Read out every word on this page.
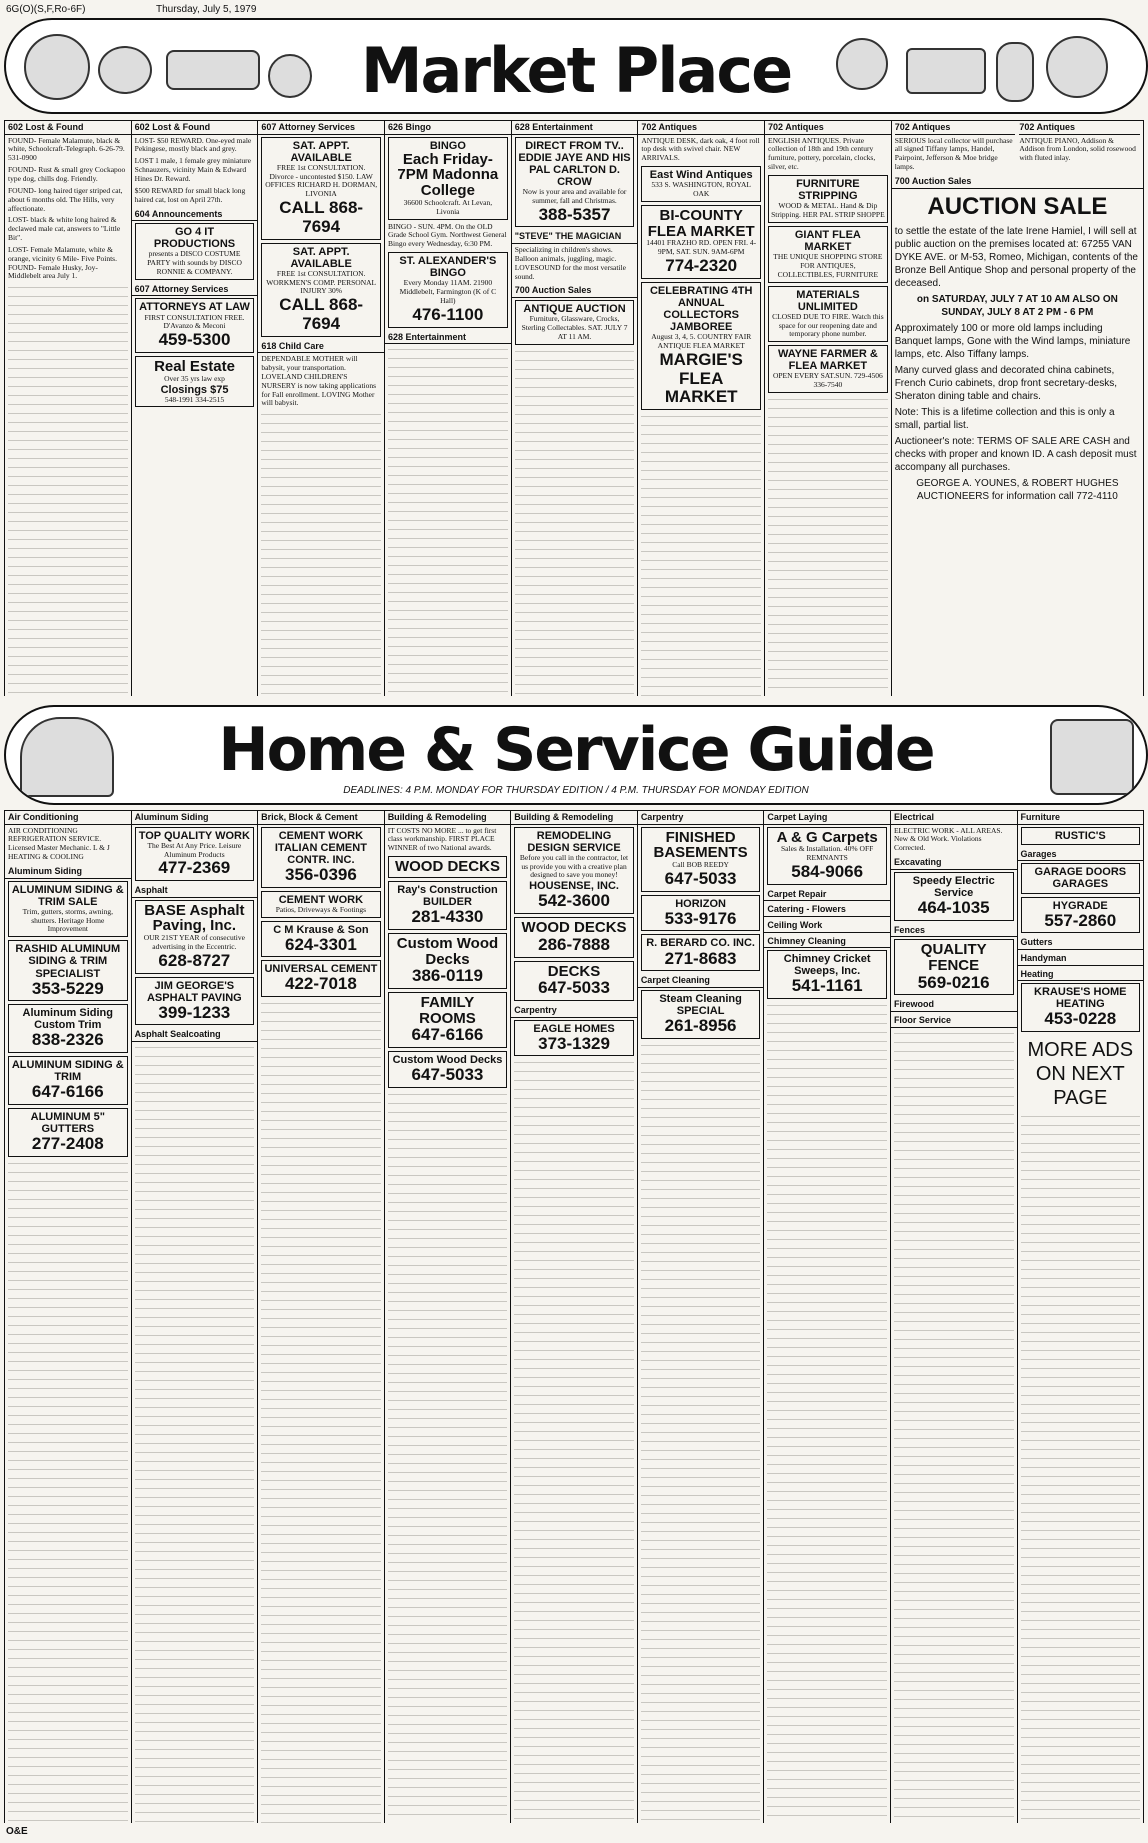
6G(O)(S,F,Ro-6F)	Thursday, July 5, 1979
Market Place
602 Lost & Found
FOUND- Female Malamute, black & white, Schoolcraft-Telegraph. 6-26-79. 531-0900
FOUND- Rust & small grey Cockapoo type dog, chills dog. Friendly.
FOUND- long haired tiger striped cat, about 6 months old. The Hills, very affectionate.
LOST- black & white long haired & declawed male cat, answers to "Little Bit".
LOST- Female Malamute, white & orange, vicinity 6 Mile- Five Points. FOUND- Female Husky, Joy- Middlebelt area July 1.
602 Lost & Found
LOST- $50 REWARD. One-eyed male Pekingese, mostly black and grey.
LOST 1 male, 1 female grey miniature Schnauzers, vicinity Main & Edward Hines Dr. Reward.
$500 REWARD for small black long haired cat, lost on April 27th.
604 Announcements
GO 4 IT PRODUCTIONS
presents a DISCO COSTUME PARTY with sounds by DISCO RONNIE & COMPANY.
607 Attorney Services
ATTORNEYS AT LAW
FIRST CONSULTATION FREE. D'Avanzo & Meconi
459-5300
Real Estate
Over 35 yrs law exp
Closings $75
548-1991 334-2515
607 Attorney Services
SAT. APPT. AVAILABLE
FREE 1st CONSULTATION. Divorce - uncontested $150. LAW OFFICES RICHARD H. DORMAN, LIVONIA
CALL 868-7694
SAT. APPT. AVAILABLE
FREE 1st CONSULTATION. WORKMEN'S COMP. PERSONAL INJURY 30%
CALL 868-7694
618 Child Care
DEPENDABLE MOTHER will babysit, your transportation. LOVELAND CHILDREN'S NURSERY is now taking applications for Fall enrollment. LOVING Mother will babysit.
626 Bingo
BINGO
Each Friday-7PM Madonna College
36600 Schoolcraft. At Levan, Livonia
BINGO - SUN. 4PM. On the OLD Grade School Gym. Northwest General Bingo every Wednesday, 6:30 PM.
ST. ALEXANDER'S BINGO
Every Monday 11AM. 21900 Middlebelt, Farmington (K of C Hall)
476-1100
628 Entertainment
628 Entertainment
DIRECT FROM TV.. EDDIE JAYE AND HIS PAL CARLTON D. CROW
Now is your area and available for summer, fall and Christmas.
388-5357
"STEVE" THE MAGICIAN
Specializing in children's shows. Balloon animals, juggling, magic. LOVESOUND for the most versatile sound.
700 Auction Sales
ANTIQUE AUCTION
Furniture, Glassware, Crocks, Sterling Collectables. SAT. JULY 7 AT 11 AM.
702 Antiques
ANTIQUE DESK, dark oak, 4 foot roll top desk with swivel chair. NEW ARRIVALS.
East Wind Antiques
533 S. WASHINGTON, ROYAL OAK
BI-COUNTY FLEA MARKET
14401 FRAZHO RD. OPEN FRI. 4-9PM, SAT. SUN. 9AM-6PM
774-2320
CELEBRATING 4TH ANNUAL COLLECTORS JAMBOREE
August 3, 4, 5. COUNTRY FAIR ANTIQUE FLEA MARKET
MARGIE'S FLEA MARKET
702 Antiques
ENGLISH ANTIQUES. Private collection of 18th and 19th century furniture, pottery, porcelain, clocks, silver, etc.
FURNITURE STRIPPING
WOOD & METAL. Hand & Dip Stripping. HER PAL STRIP SHOPPE
GIANT FLEA MARKET
THE UNIQUE SHOPPING STORE FOR ANTIQUES, COLLECTIBLES, FURNITURE
MATERIALS UNLIMITED
CLOSED DUE TO FIRE. Watch this space for our reopening date and temporary phone number.
WAYNE FARMER & FLEA MARKET
OPEN EVERY SAT.SUN. 729-4506 336-7540
702 Antiques
SERIOUS local collector will purchase all signed Tiffany lamps, Handel, Pairpoint, Jefferson & Moe bridge lamps.
702 Antiques
ANTIQUE PIANO, Addison & Addison from London, solid rosewood with fluted inlay.
700 Auction Sales
AUCTION SALE

to settle the estate of the late Irene Hamiel, I will sell at public auction on the premises located at: 67255 VAN DYKE AVE. or M-53, Romeo, Michigan, contents of the Bronze Bell Antique Shop and personal property of the deceased.

on SATURDAY, JULY 7 AT 10 AM ALSO ON SUNDAY, JULY 8 AT 2 PM - 6 PM

Approximately 100 or more old lamps including Banquet lamps, Gone with the Wind lamps, miniature lamps, etc. Also Tiffany lamps.

Many curved glass and decorated china cabinets, French Curio cabinets, drop front secretary-desks, Sheraton dining table and chairs.

Note: This is a lifetime collection and this is only a small, partial list.

Auctioneer's note: TERMS OF SALE ARE CASH and checks with proper and known ID. A cash deposit must accompany all purchases.

GEORGE A. YOUNES, & ROBERT HUGHES AUCTIONEERS for information call 772-4110

Home & Service Guide
DEADLINES: 4 P.M. MONDAY FOR THURSDAY EDITION / 4 P.M. THURSDAY FOR MONDAY EDITION
Air Conditioning
AIR CONDITIONING REFRIGERATION SERVICE. Licensed Master Mechanic. L & J HEATING & COOLING
Aluminum Siding
ALUMINUM SIDING & TRIM SALE
Trim, gutters, storms, awning, shutters. Heritage Home Improvement
RASHID ALUMINUM SIDING & TRIM SPECIALIST
353-5229
Aluminum Siding Custom Trim
838-2326
ALUMINUM SIDING & TRIM
647-6166
ALUMINUM 5" GUTTERS
277-2408
Aluminum Siding
TOP QUALITY WORK
The Best At Any Price. Leisure Aluminum Products
477-2369
Asphalt
BASE Asphalt Paving, Inc.
OUR 21ST YEAR of consecutive advertising in the Eccentric.
628-8727
JIM GEORGE'S ASPHALT PAVING
399-1233
Asphalt Sealcoating
Brick, Block & Cement
CEMENT WORK
ITALIAN CEMENT CONTR. INC.
356-0396
CEMENT WORK
Patios, Driveways & Footings
C M Krause & Son
624-3301
UNIVERSAL CEMENT
422-7018
Building & Remodeling
IT COSTS NO MORE ... to get first class workmanship. FIRST PLACE WINNER of two National awards.
WOOD DECKS
Ray's Construction BUILDER
281-4330
Custom Wood Decks
386-0119
FAMILY ROOMS
647-6166
Custom Wood Decks
647-5033
Building & Remodeling
REMODELING DESIGN SERVICE
Before you call in the contractor, let us provide you with a creative plan designed to save you money!
HOUSENSE, INC.
542-3600
WOOD DECKS
286-7888
DECKS
647-5033
Carpentry
EAGLE HOMES
373-1329
Carpentry
FINISHED BASEMENTS
Call BOB REEDY
647-5033
HORIZON
533-9176
R. BERARD CO. INC.
271-8683
Carpet Cleaning
Steam Cleaning SPECIAL
261-8956
Carpet Laying
A & G Carpets
Sales & Installation. 40% OFF REMNANTS
584-9066
Carpet Repair
Catering - Flowers
Ceiling Work
Chimney Cleaning
Chimney Cricket Sweeps, Inc.
541-1161
Electrical
ELECTRIC WORK - ALL AREAS. New & Old Work. Violations Corrected.
Excavating
Speedy Electric Service
464-1035
Fences
QUALITY FENCE
569-0216
Firewood
Floor Service
Furniture
RUSTIC'S
Garages
GARAGE DOORS
GARAGES
HYGRADE
557-2860
Gutters
Handyman
Heating
KRAUSE'S HOME HEATING
453-0228
MORE ADS ON NEXT PAGE
O&E
